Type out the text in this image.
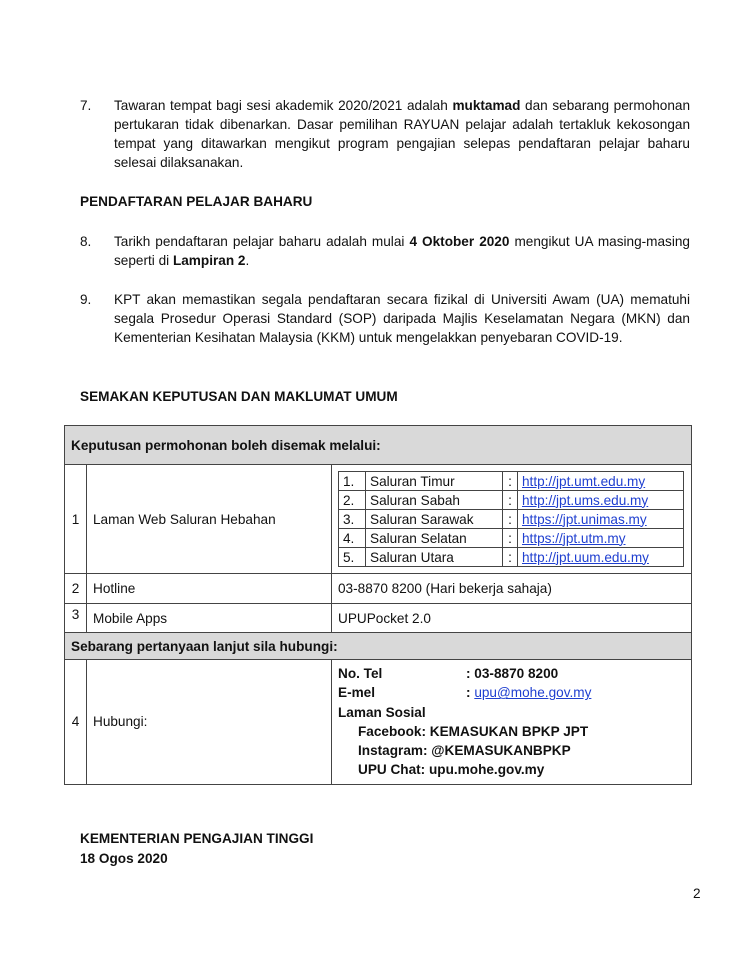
7. Tawaran tempat bagi sesi akademik 2020/2021 adalah muktamad dan sebarang permohonan pertukaran tidak dibenarkan. Dasar pemilihan RAYUAN pelajar adalah tertakluk kekosongan tempat yang ditawarkan mengikut program pengajian selepas pendaftaran pelajar baharu selesai dilaksanakan.
PENDAFTARAN PELAJAR BAHARU
8. Tarikh pendaftaran pelajar baharu adalah mulai 4 Oktober 2020 mengikut UA masing-masing seperti di Lampiran 2.
9. KPT akan memastikan segala pendaftaran secara fizikal di Universiti Awam (UA) mematuhi segala Prosedur Operasi Standard (SOP) daripada Majlis Keselamatan Negara (MKN) dan Kementerian Kesihatan Malaysia (KKM) untuk mengelakkan penyebaran COVID-19.
SEMAKAN KEPUTUSAN DAN MAKLUMAT UMUM
Keputusan permohonan boleh disemak melalui:
1	Laman Web Saluran Hebahan	
1.	Saluran Timur	:	http://jpt.umt.edu.my
2.	Saluran Sabah	:	http://jpt.ums.edu.my
3.	Saluran Sarawak	:	https://jpt.unimas.my
4.	Saluran Selatan	:	https://jpt.utm.my
5.	Saluran Utara	:	http://jpt.uum.edu.my

2	Hotline	03-8870 8200 (Hari bekerja sahaja)
3	Mobile Apps	UPUPocket 2.0
Sebarang pertanyaan lanjut sila hubungi:
4	Hubungi:	
No. Tel	: 03-8870 8200

E-mel	: upu@mohe.gov.my

Laman Sosial
Facebook: KEMASUKAN BPKP JPT
Instagram: @KEMASUKANBPKP
UPU Chat: upu.mohe.gov.my
KEMENTERIAN PENGAJIAN TINGGI
18 Ogos 2020
2
